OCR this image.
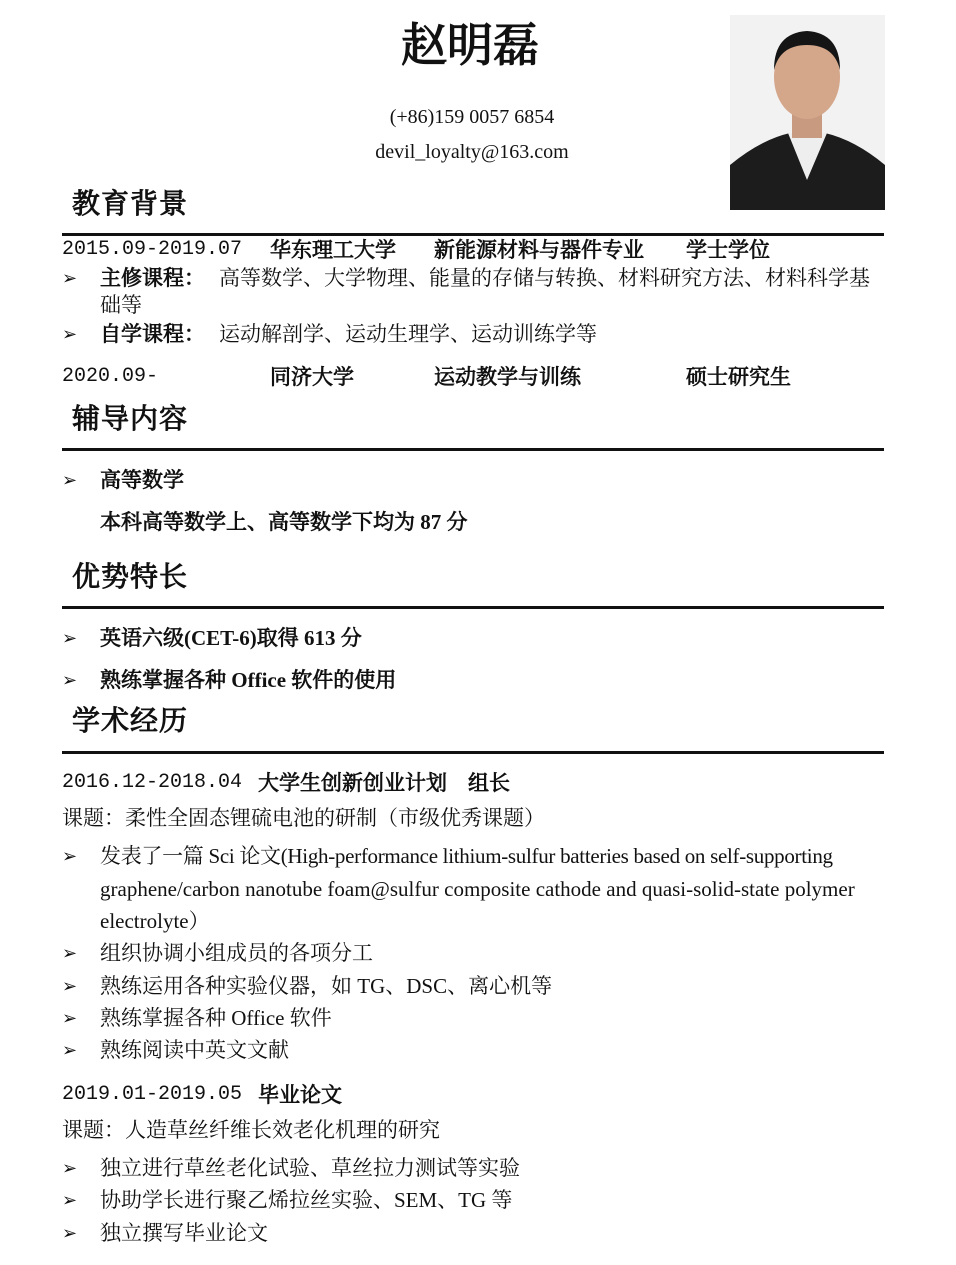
赵明磊
(+86)159 0057 6854
devil_loyalty@163.com
教育背景
2015.09-2019.07 华东理工大学 新能源材料与器件专业 学士学位
➢ 主修课程： 高等数学、大学物理、能量的存储与转换、材料研究方法、材料科学基
础等
➢ 自学课程： 运动解剖学、运动生理学、运动训练学等
2020.09-	同济大学	运动教学与训练	硕士研究生
辅导内容
➢ 高等数学
本科高等数学上、高等数学下均为 87 分
优势特长
➢ 英语六级(CET-6)取得 613 分
➢ 熟练掌握各种 Office 软件的使用
学术经历
2016.12-2018.04 大学生创新创业计划　组长
课题：柔性全固态锂硫电池的研制（市级优秀课题）
➢ 发表了一篇 Sci 论文(High-performance lithium-sulfur batteries based on self-supporting
graphene/carbon nanotube foam@sulfur composite cathode and quasi-solid-state polymer
electrolyte）
➢ 组织协调小组成员的各项分工
➢ 熟练运用各种实验仪器，如 TG、DSC、离心机等
➢ 熟练掌握各种 Office 软件
➢ 熟练阅读中英文文献
2019.01-2019.05 毕业论文
课题：人造草丝纤维长效老化机理的研究
➢ 独立进行草丝老化试验、草丝拉力测试等实验
➢ 协助学长进行聚乙烯拉丝实验、SEM、TG 等
➢ 独立撰写毕业论文
